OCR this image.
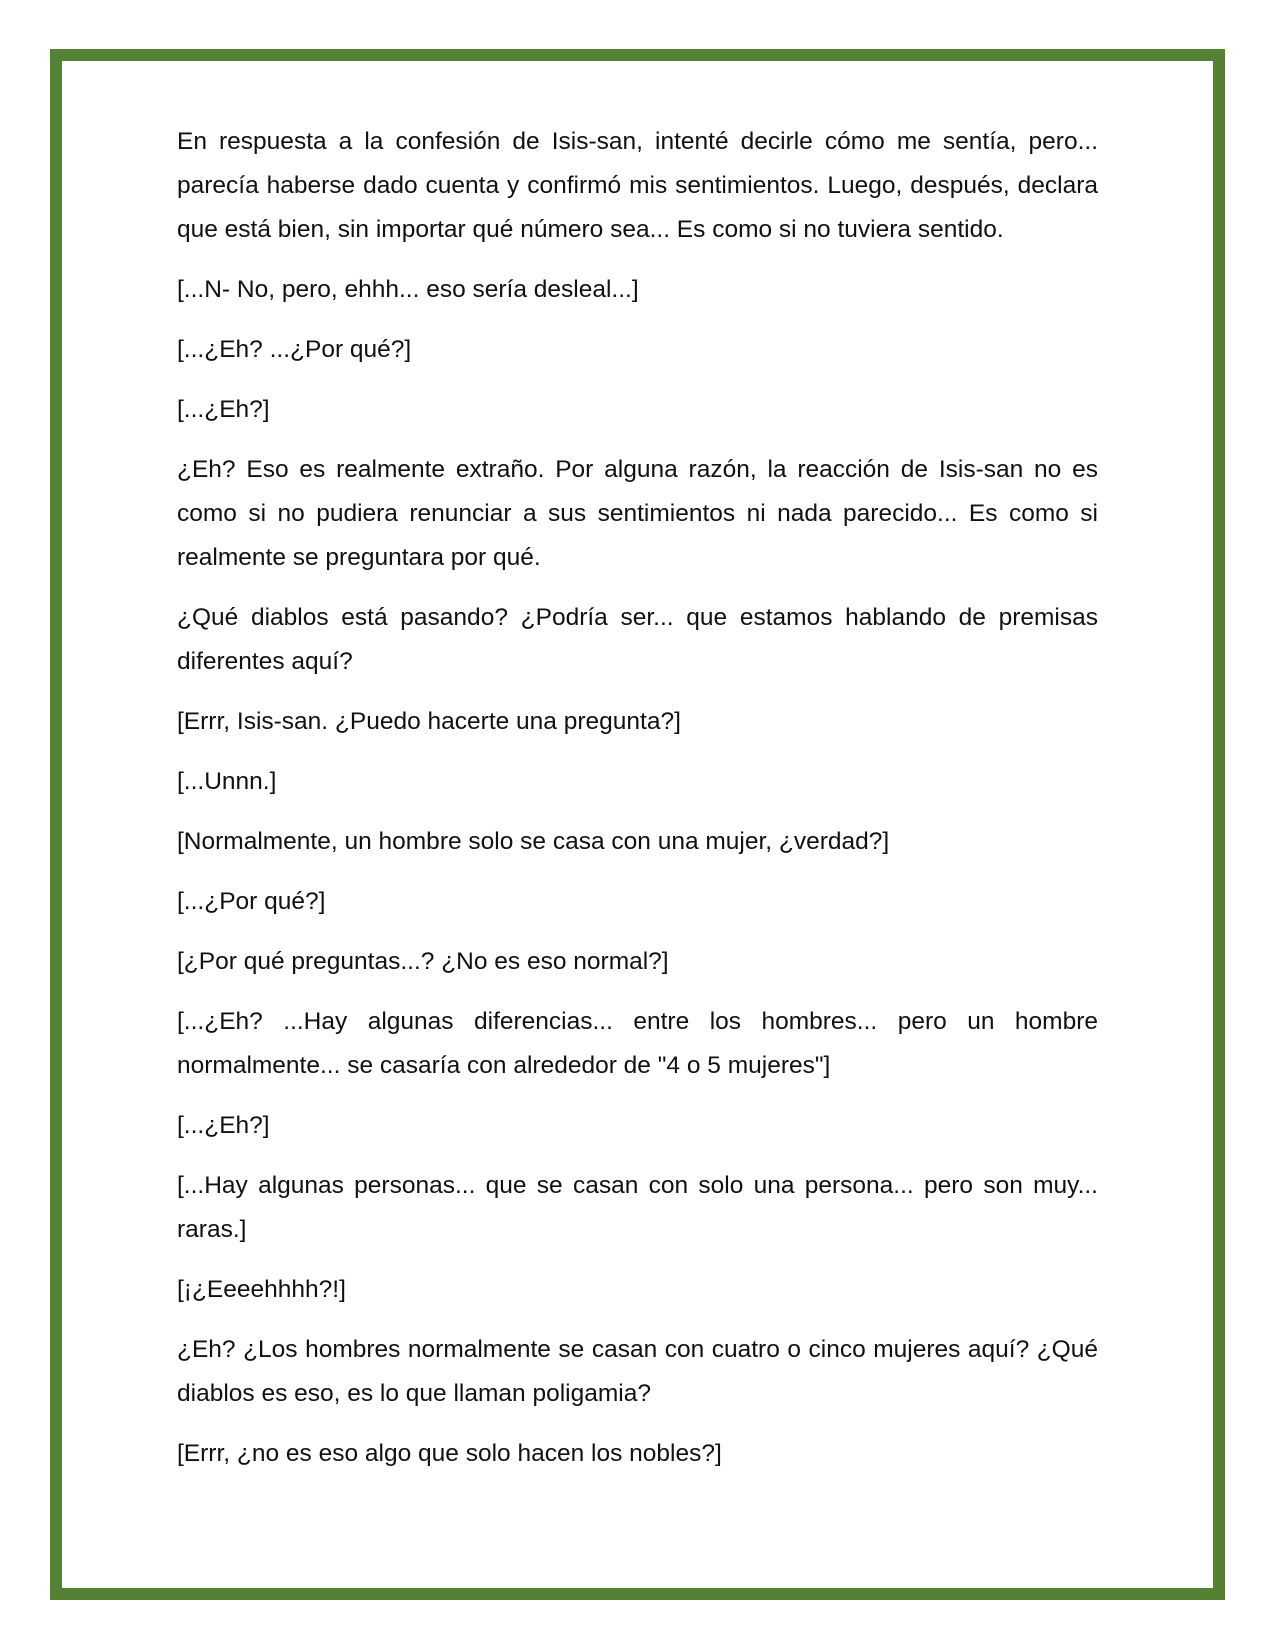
En respuesta a la confesión de Isis-san, intenté decirle cómo me sentía, pero... parecía haberse dado cuenta y confirmó mis sentimientos. Luego, después, declara que está bien, sin importar qué número sea... Es como si no tuviera sentido.

[...N- No, pero, ehhh... eso sería desleal...]

[...¿Eh? ...¿Por qué?]

[...¿Eh?]

¿Eh? Eso es realmente extraño. Por alguna razón, la reacción de Isis-san no es como si no pudiera renunciar a sus sentimientos ni nada parecido... Es como si realmente se preguntara por qué.

¿Qué diablos está pasando? ¿Podría ser... que estamos hablando de premisas diferentes aquí?

[Errr, Isis-san. ¿Puedo hacerte una pregunta?]

[...Unnn.]

[Normalmente, un hombre solo se casa con una mujer, ¿verdad?]

[...¿Por qué?]

[¿Por qué preguntas...? ¿No es eso normal?]

[...¿Eh? ...Hay algunas diferencias... entre los hombres... pero un hombre normalmente... se casaría con alrededor de "4 o 5 mujeres"]

[...¿Eh?]

[...Hay algunas personas... que se casan con solo una persona... pero son muy... raras.]

[¡¿Eeeehhhh?!]

¿Eh? ¿Los hombres normalmente se casan con cuatro o cinco mujeres aquí? ¿Qué diablos es eso, es lo que llaman poligamia?

[Errr, ¿no es eso algo que solo hacen los nobles?]
